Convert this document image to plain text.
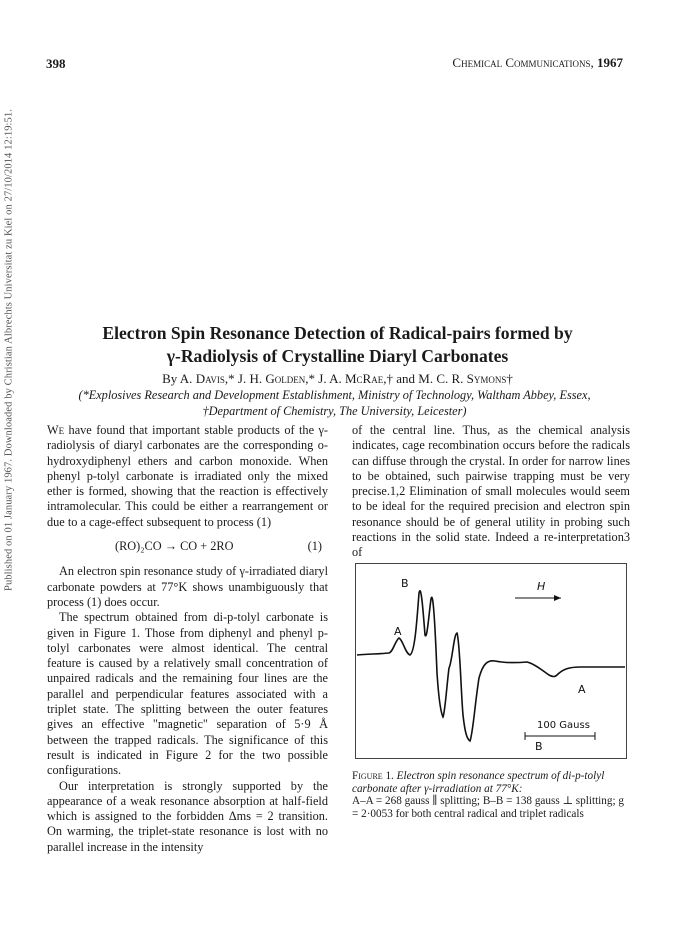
Published on 01 January 1967. Downloaded by Christian Albrechts Universitat zu Kiel on 27/10/2014 12:19:51.
398	Chemical Communications, 1967
Electron Spin Resonance Detection of Radical-pairs formed by
γ-Radiolysis of Crystalline Diaryl Carbonates
By A. Davis,* J. H. Golden,* J. A. McRae,† and M. C. R. Symons†
(*Explosives Research and Development Establishment, Ministry of Technology, Waltham Abbey, Essex,
†Department of Chemistry, The University, Leicester)

We have found that important stable products of the γ-radiolysis of diaryl carbonates are the corresponding o-hydroxydiphenyl ethers and carbon monoxide. When phenyl p-tolyl carbonate is irradiated only the mixed ether is formed, showing that the reaction is effectively intramolecular. This could be either a rearrangement or due to a cage-effect subsequent to process (1)

(RO)₂CO → CO + 2RO	(1)

An electron spin resonance study of γ-irradiated diaryl carbonate powders at 77°K shows unambiguously that process (1) does occur.

The spectrum obtained from di-p-tolyl carbonate is given in Figure 1. Those from diphenyl and phenyl p-tolyl carbonates were almost identical. The central feature is caused by a relatively small concentration of unpaired radicals and the remaining four lines are the parallel and perpendicular features associated with a triplet state. The splitting between the outer features gives an effective "magnetic" separation of 5·9 Å between the trapped radicals. The significance of this result is indicated in Figure 2 for the two possible configurations.

Our interpretation is strongly supported by the appearance of a weak resonance absorption at half-field which is assigned to the forbidden Δms = 2 transition. On warming, the triplet-state resonance is lost with no parallel increase in the intensity

of the central line. Thus, as the chemical analysis indicates, cage recombination occurs before the radicals can diffuse through the crystal. In order for narrow lines to be obtained, such pairwise trapping must be very precise.1,2 Elimination of small molecules would seem to be ideal for the required precision and electron spin resonance should be of general utility in probing such reactions in the solid state. Indeed a re-interpretation3 of

B	H
A
A
B
100 Gauss

Figure 1. Electron spin resonance spectrum of di-p-tolyl carbonate after γ-irradiation at 77°K:

A–A = 268 gauss ∥ splitting; B–B = 138 gauss ⊥ splitting; g = 2·0053 for both central radical and triplet radicals
